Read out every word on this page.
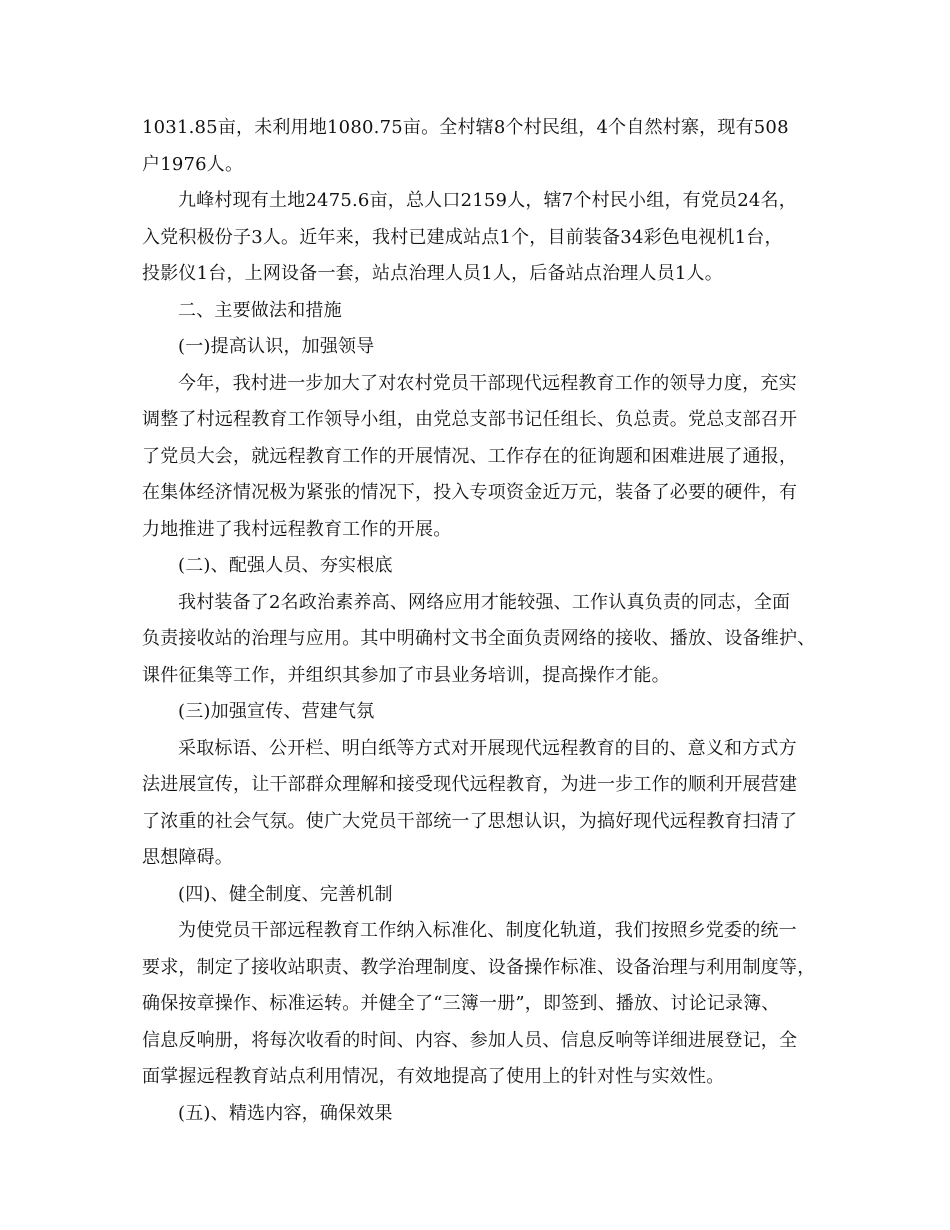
1031.85亩，未利用地1080.75亩。全村辖8个村民组，4个自然村寨，现有508
户1976人。
九峰村现有土地2475.6亩，总人口2159人，辖7个村民小组，有党员24名，
入党积极份子3人。近年来，我村已建成站点1个，目前装备34彩色电视机1台，
投影仪1台，上网设备一套，站点治理人员1人，后备站点治理人员1人。
二、主要做法和措施
(一)提高认识，加强领导
今年，我村进一步加大了对农村党员干部现代远程教育工作的领导力度，充实
调整了村远程教育工作领导小组，由党总支部书记任组长、负总责。党总支部召开
了党员大会，就远程教育工作的开展情况、工作存在的征询题和困难进展了通报，
在集体经济情况极为紧张的情况下，投入专项资金近万元，装备了必要的硬件，有
力地推进了我村远程教育工作的开展。
(二)、配强人员、夯实根底
我村装备了2名政治素养高、网络应用才能较强、工作认真负责的同志，全面
负责接收站的治理与应用。其中明确村文书全面负责网络的接收、播放、设备维护、
课件征集等工作，并组织其参加了市县业务培训，提高操作才能。
(三)加强宣传、营建气氛
采取标语、公开栏、明白纸等方式对开展现代远程教育的目的、意义和方式方
法进展宣传，让干部群众理解和接受现代远程教育，为进一步工作的顺利开展营建
了浓重的社会气氛。使广大党员干部统一了思想认识，为搞好现代远程教育扫清了
思想障碍。
(四)、健全制度、完善机制
为使党员干部远程教育工作纳入标准化、制度化轨道，我们按照乡党委的统一
要求，制定了接收站职责、教学治理制度、设备操作标准、设备治理与利用制度等，
确保按章操作、标准运转。并健全了“三簿一册”，即签到、播放、讨论记录簿、
信息反响册，将每次收看的时间、内容、参加人员、信息反响等详细进展登记，全
面掌握远程教育站点利用情况，有效地提高了使用上的针对性与实效性。
(五)、精选内容，确保效果
